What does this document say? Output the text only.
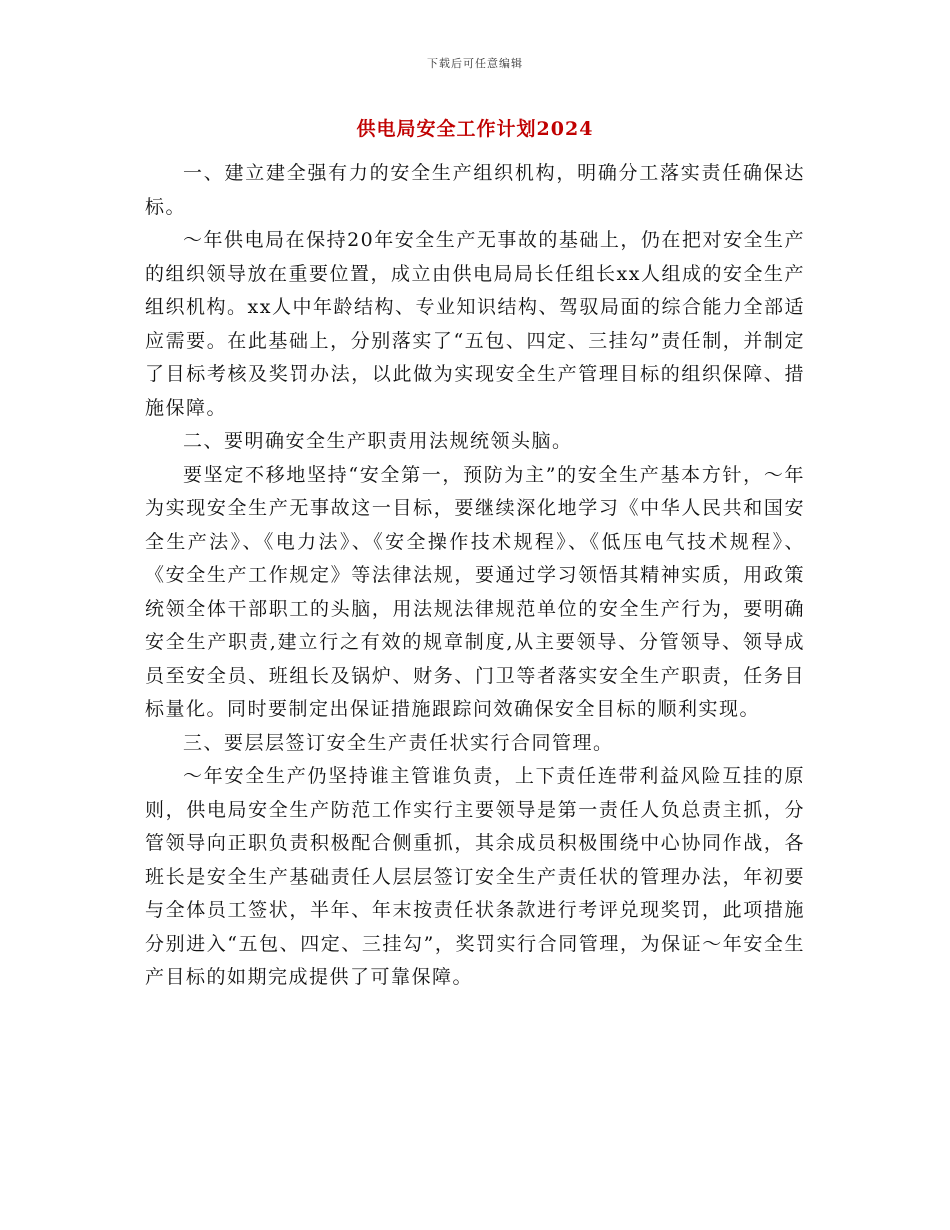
下载后可任意编辑
供电局安全工作计划2024

一、建立建全强有力的安全生产组织机构，明确分工落实责任确保达标。

～年供电局在保持20年安全生产无事故的基础上，仍在把对安全生产的组织领导放在重要位置，成立由供电局局长任组长xx人组成的安全生产组织机构。xx人中年龄结构、专业知识结构、驾驭局面的综合能力全部适应需要。在此基础上，分别落实了“五包、四定、三挂勾”责任制，并制定了目标考核及奖罚办法，以此做为实现安全生产管理目标的组织保障、措施保障。

二、要明确安全生产职责用法规统领头脑。

要坚定不移地坚持“安全第一，预防为主”的安全生产基本方针，～年为实现安全生产无事故这一目标，要继续深化地学习《中华人民共和国安全生产法》、《电力法》、《安全操作技术规程》、《低压电气技术规程》、《安全生产工作规定》等法律法规，要通过学习领悟其精神实质，用政策统领全体干部职工的头脑，用法规法律规范单位的安全生产行为，要明确安全生产职责,建立行之有效的规章制度,从主要领导、分管领导、领导成员至安全员、班组长及锅炉、财务、门卫等者落实安全生产职责，任务目标量化。同时要制定出保证措施跟踪问效确保安全目标的顺利实现。

三、要层层签订安全生产责任状实行合同管理。

～年安全生产仍坚持谁主管谁负责，上下责任连带利益风险互挂的原则，供电局安全生产防范工作实行主要领导是第一责任人负总责主抓，分管领导向正职负责积极配合侧重抓，其余成员积极围绕中心协同作战，各班长是安全生产基础责任人层层签订安全生产责任状的管理办法，年初要与全体员工签状，半年、年末按责任状条款进行考评兑现奖罚，此项措施分别进入“五包、四定、三挂勾”，奖罚实行合同管理，为保证～年安全生产目标的如期完成提供了可靠保障。
